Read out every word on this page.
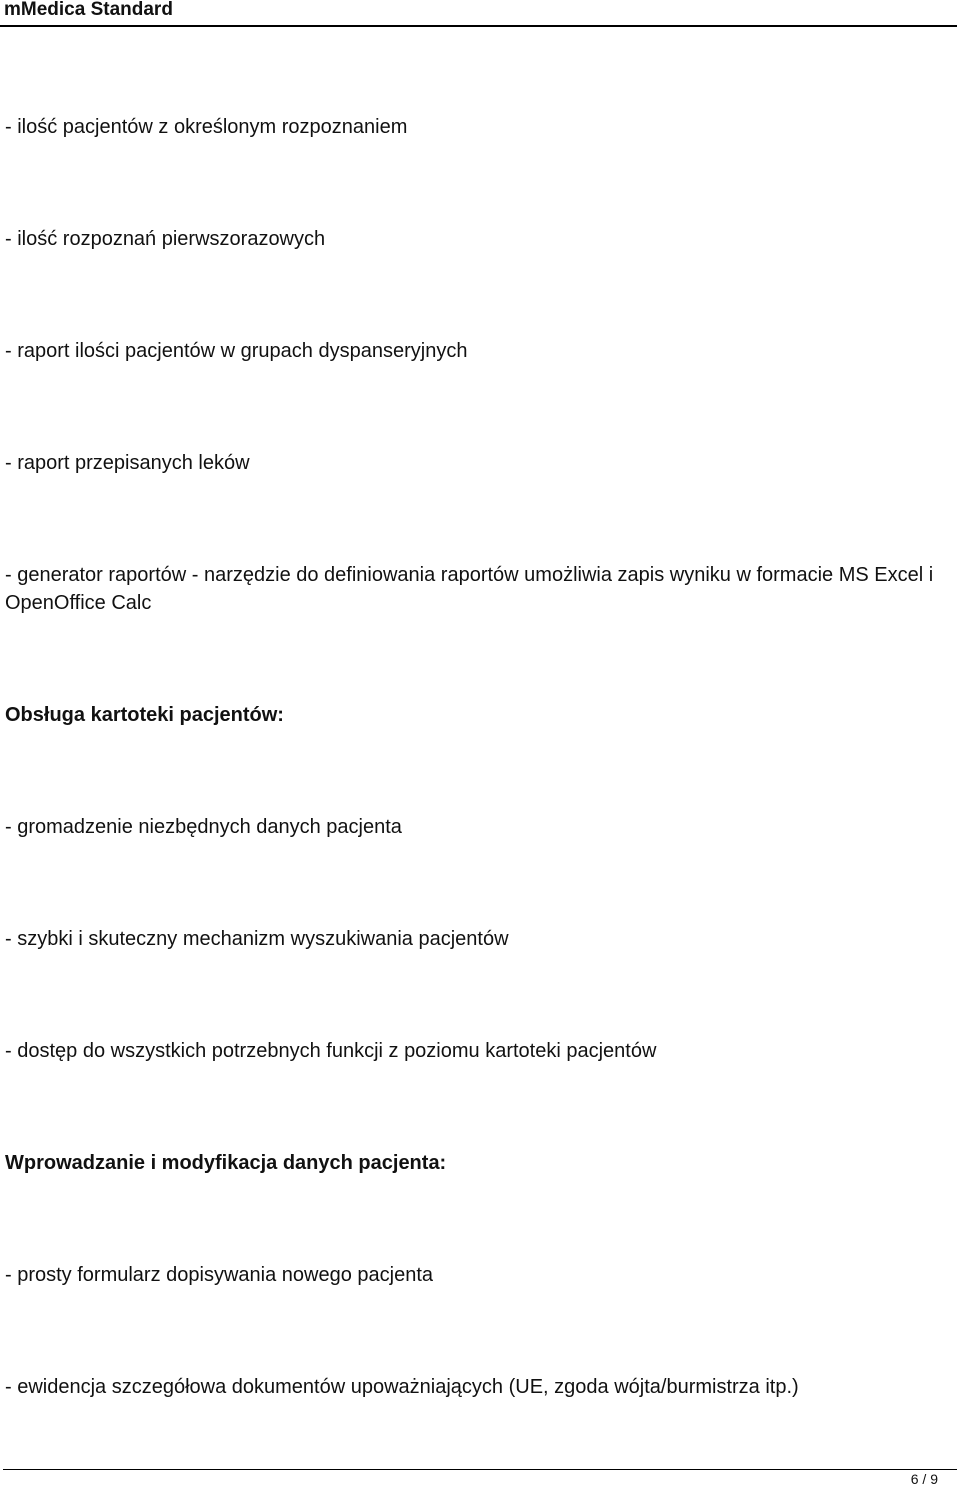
mMedica Standard

- ilość pacjentów z określonym rozpoznaniem

- ilość rozpoznań pierwszorazowych

- raport ilości pacjentów w grupach dyspanseryjnych

- raport przepisanych leków

- generator raportów - narzędzie do definiowania raportów umożliwia zapis wyniku w formacie MS Excel i OpenOffice Calc

Obsługa kartoteki pacjentów:

- gromadzenie niezbędnych danych pacjenta

- szybki i skuteczny mechanizm wyszukiwania pacjentów

- dostęp do wszystkich potrzebnych funkcji z poziomu kartoteki pacjentów

Wprowadzanie i modyfikacja danych pacjenta:

- prosty formularz dopisywania nowego pacjenta

- ewidencja szczegółowa dokumentów upoważniających (UE, zgoda wójta/burmistrza itp.)

6 / 9
